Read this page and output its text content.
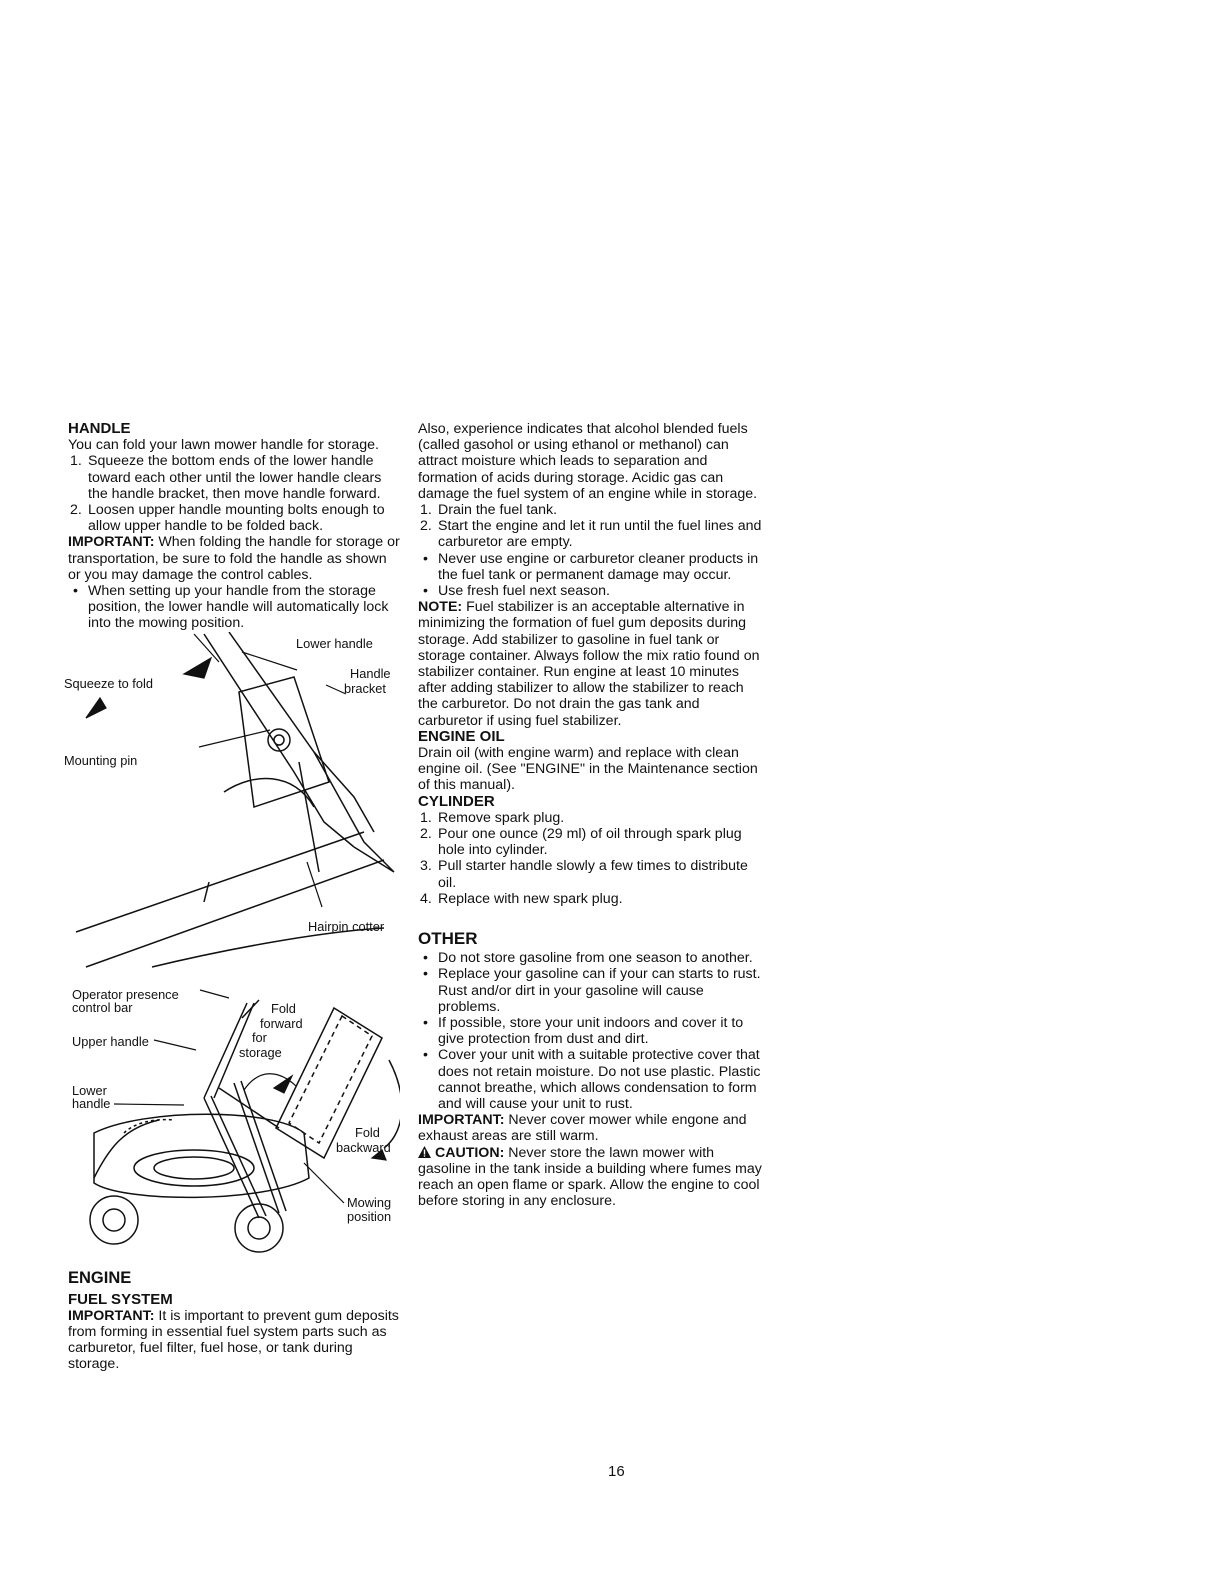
HANDLE

You can fold your lawn mower handle for storage.

1. Squeeze the bottom ends of the lower handle toward each other until the lower handle clears the handle bracket, then move handle forward.
2. Loosen upper handle mounting bolts enough to allow upper handle to be folded back.

IMPORTANT: When folding the handle for storage or transportation, be sure to fold the handle as shown or you may damage the control cables.

• When setting up your handle from the storage position, the lower handle will automatically lock into the mowing position.
Lower handle
Handle
bracket
Squeeze to fold
Mounting pin
Hairpin cotter
Operator presence
control bar
Upper handle
Lower
handle
Fold
forward
for
storage
Fold
backward
Mowing
position

ENGINE

FUEL SYSTEM

IMPORTANT: It is important to prevent gum deposits from forming in essential fuel system parts such as carburetor, fuel filter, fuel hose, or tank during storage.

Also, experience indicates that alcohol blended fuels (called gasohol or using ethanol or methanol) can attract moisture which leads to separation and formation of acids during storage. Acidic gas can damage the fuel system of an engine while in storage.

1. Drain the fuel tank.
2. Start the engine and let it run until the fuel lines and carburetor are empty.
• Never use engine or carburetor cleaner products in the fuel tank or permanent damage may occur.
• Use fresh fuel next season.

NOTE: Fuel stabilizer is an acceptable alternative in minimizing the formation of fuel gum deposits during storage. Add stabilizer to gasoline in fuel tank or storage container. Always follow the mix ratio found on stabilizer container. Run engine at least 10 minutes after adding stabilizer to allow the stabilizer to reach the carburetor. Do not drain the gas tank and carburetor if using fuel stabilizer.

ENGINE OIL

Drain oil (with engine warm) and replace with clean engine oil. (See "ENGINE" in the Maintenance section of this manual).

CYLINDER

1. Remove spark plug.
2. Pour one ounce (29 ml) of oil through spark plug hole into cylinder.
3. Pull starter handle slowly a few times to distribute oil.
4. Replace with new spark plug.

OTHER

• Do not store gasoline from one season to another.
• Replace your gasoline can if your can starts to rust. Rust and/or dirt in your gasoline will cause problems.
• If possible, store your unit indoors and cover it to give protection from dust and dirt.
• Cover your unit with a suitable protective cover that does not retain moisture. Do not use plastic. Plastic cannot breathe, which allows condensation to form and will cause your unit to rust.

IMPORTANT: Never cover mower while engone and exhaust areas are still warm.

CAUTION: Never store the lawn mower with gasoline in the tank inside a building where fumes may reach an open flame or spark. Allow the engine to cool before storing in any enclosure.

16
